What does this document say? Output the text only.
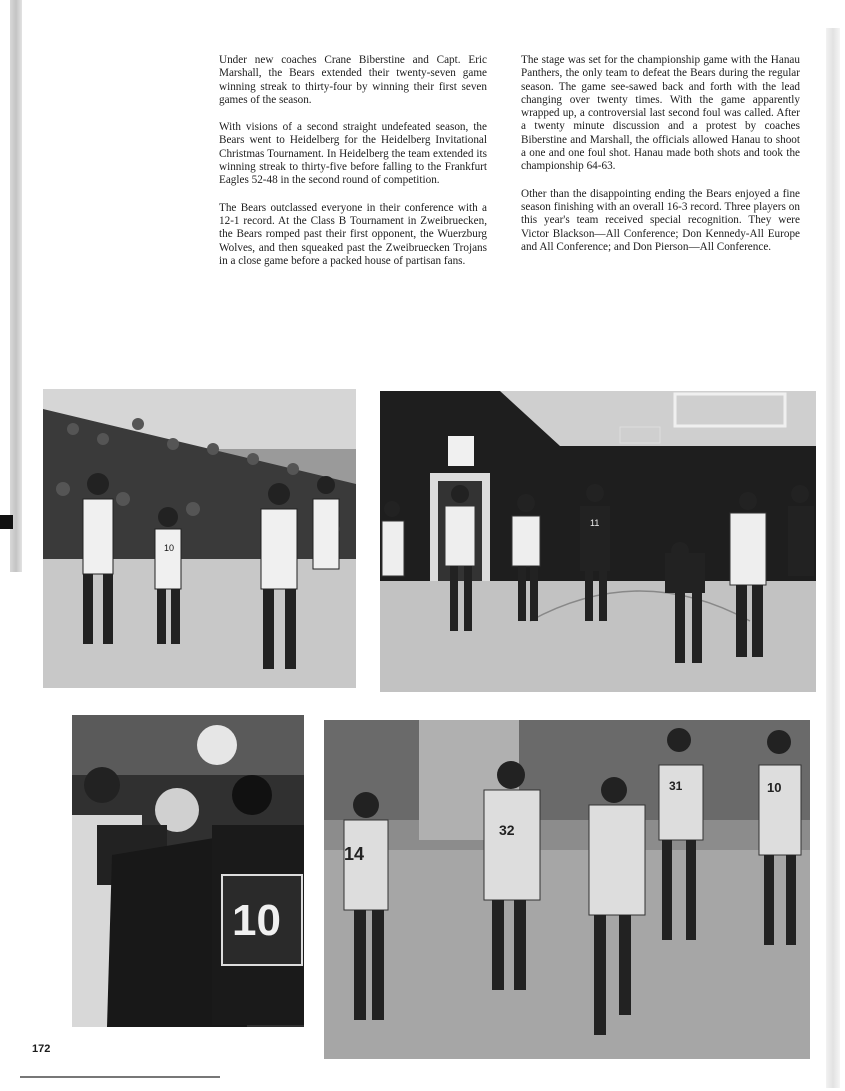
Under new coaches Crane Biberstine and Capt. Eric Marshall, the Bears extended their twenty-seven game winning streak to thirty-four by winning their first seven games of the season.

With visions of a second straight undefeated season, the Bears went to Heidelberg for the Heidelberg Invitational Christmas Tournament. In Heidelberg the team extended its winning streak to thirty-five before falling to the Frankfurt Eagles 52-48 in the second round of competition.

The Bears outclassed everyone in their conference with a 12-1 record. At the Class B Tournament in Zweibruecken, the Bears romped past their first opponent, the Wuerzburg Wolves, and then squeaked past the Zweibruecken Trojans in a close game before a packed house of partisan fans.

The stage was set for the championship game with the Hanau Panthers, the only team to defeat the Bears during the regular season. The game see-sawed back and forth with the lead changing over twenty times. With the game apparently wrapped up, a controversial last second foul was called. After a twenty minute discussion and a protest by coaches Biberstine and Marshall, the officials allowed Hanau to shoot a one and one foul shot. Hanau made both shots and took the championship 64-63.

Other than the disappointing ending the Bears enjoyed a fine season finishing with an overall 16-3 record. Three players on this year's team received special recognition. They were Victor Blackson—All Conference; Don Kennedy-All Europe and All Conference; and Don Pierson—All Conference.

10
11
10
14
32
31	10
172
